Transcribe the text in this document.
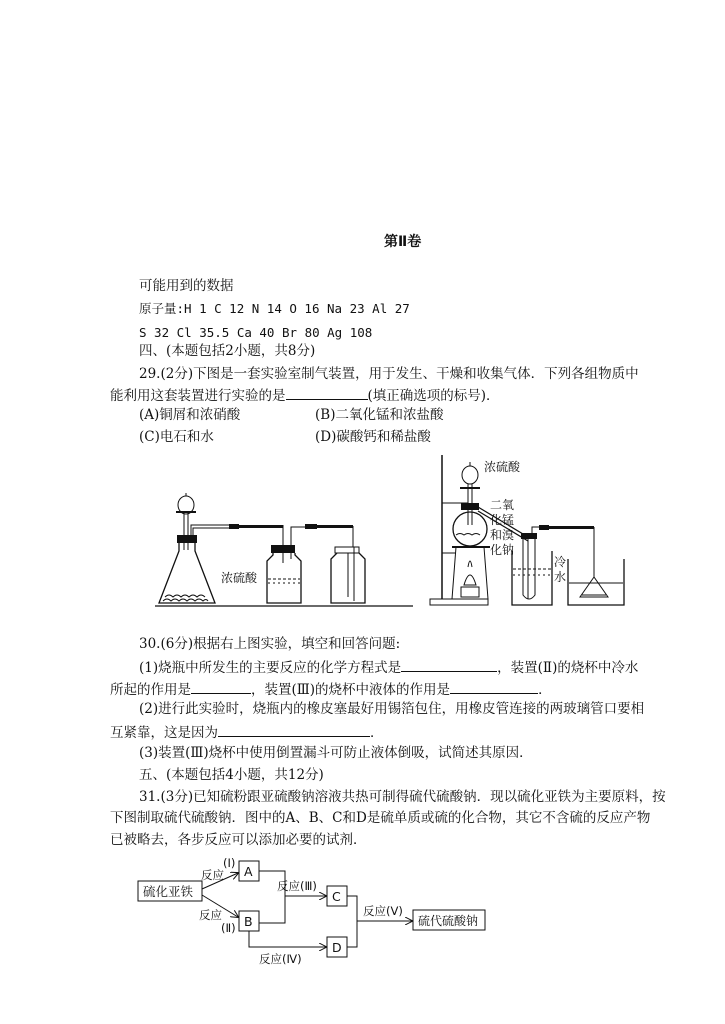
第Ⅱ卷
可能用到的数据
原子量:H 1 C 12 N 14 O 16 Na 23 Al 27
S 32 Cl 35.5 Ca 40 Br 80 Ag 108
四、(本题包括2小题，共8分)
29.(2分)下图是一套实验室制气装置，用于发生、干燥和收集气体．下列各组物质中
能利用这套装置进行实验的是	(填正确选项的标号)．
(A)铜屑和浓硝酸	(B)二氧化锰和浓盐酸
(C)电石和水	(D)碳酸钙和稀盐酸
浓硫酸
浓硫酸
二氧
化锰
和溴
化钠
冷
水
30.(6分)根据右上图实验，填空和回答问题:
(1)烧瓶中所发生的主要反应的化学方程式是	，装置(Ⅱ)的烧杯中冷水
所起的作用是	，装置(Ⅲ)的烧杯中液体的作用是	．
(2)进行此实验时，烧瓶内的橡皮塞最好用锡箔包住，用橡皮管连接的两玻璃管口要相
互紧靠，这是因为	．
(3)装置(Ⅲ)烧杯中使用倒置漏斗可防止液体倒吸，试简述其原因．
五、(本题包括4小题，共12分)
31.(3分)已知硫粉跟亚硫酸钠溶液共热可制得硫代硫酸钠．现以硫化亚铁为主要原料，按
下图制取硫代硫酸钠．图中的A、B、C和D是硫单质或硫的化合物，其它不含硫的反应产物
已被略去，各步反应可以添加必要的试剂．
硫化亚铁
A
B
C
D
硫代硫酸钠
反应
(Ⅰ)
反应
(Ⅱ)
反应(Ⅲ)
反应(Ⅳ)
反应(Ⅴ)
